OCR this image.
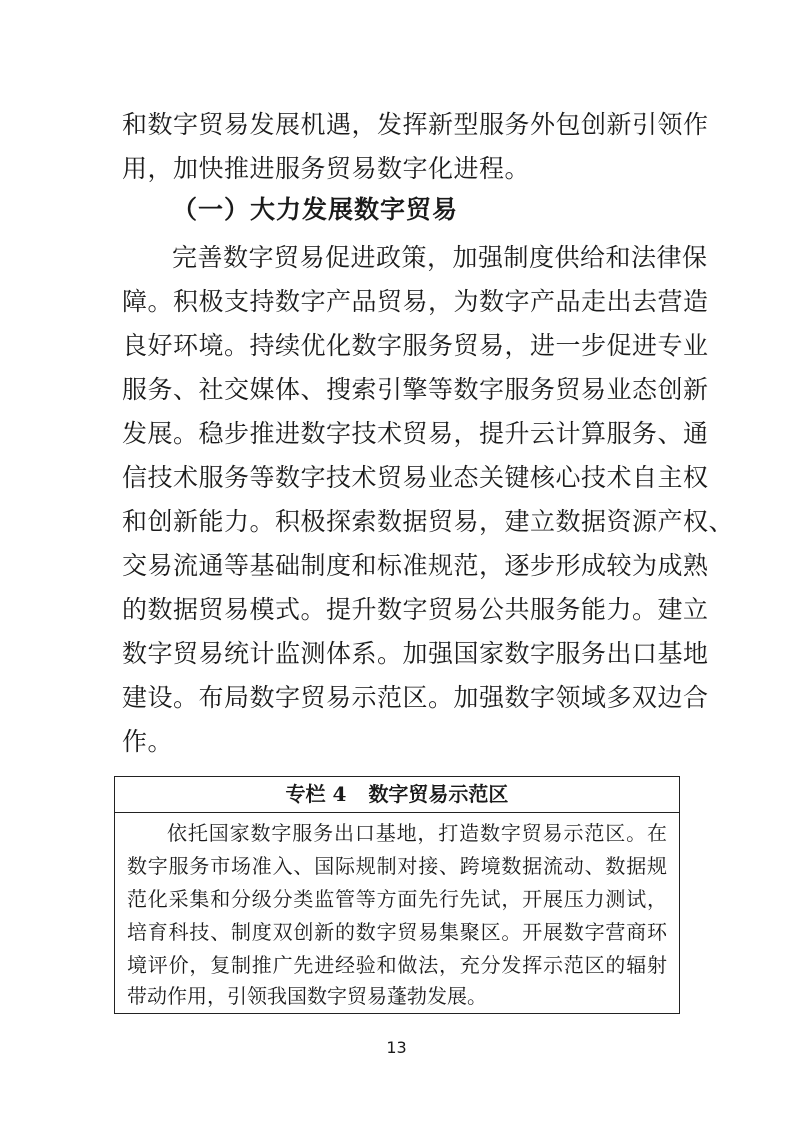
和数字贸易发展机遇，发挥新型服务外包创新引领作
用，加快推进服务贸易数字化进程。
（一）大力发展数字贸易
完善数字贸易促进政策，加强制度供给和法律保
障。积极支持数字产品贸易，为数字产品走出去营造
良好环境。持续优化数字服务贸易，进一步促进专业
服务、社交媒体、搜索引擎等数字服务贸易业态创新
发展。稳步推进数字技术贸易，提升云计算服务、通
信技术服务等数字技术贸易业态关键核心技术自主权
和创新能力。积极探索数据贸易，建立数据资源产权、
交易流通等基础制度和标准规范，逐步形成较为成熟
的数据贸易模式。提升数字贸易公共服务能力。建立
数字贸易统计监测体系。加强国家数字服务出口基地
建设。布局数字贸易示范区。加强数字领域多双边合
作。
专栏 4 数字贸易示范区
依托国家数字服务出口基地，打造数字贸易示范区。在
数字服务市场准入、国际规制对接、跨境数据流动、数据规
范化采集和分级分类监管等方面先行先试，开展压力测试，
培育科技、制度双创新的数字贸易集聚区。开展数字营商环
境评价，复制推广先进经验和做法，充分发挥示范区的辐射
带动作用，引领我国数字贸易蓬勃发展。
13
